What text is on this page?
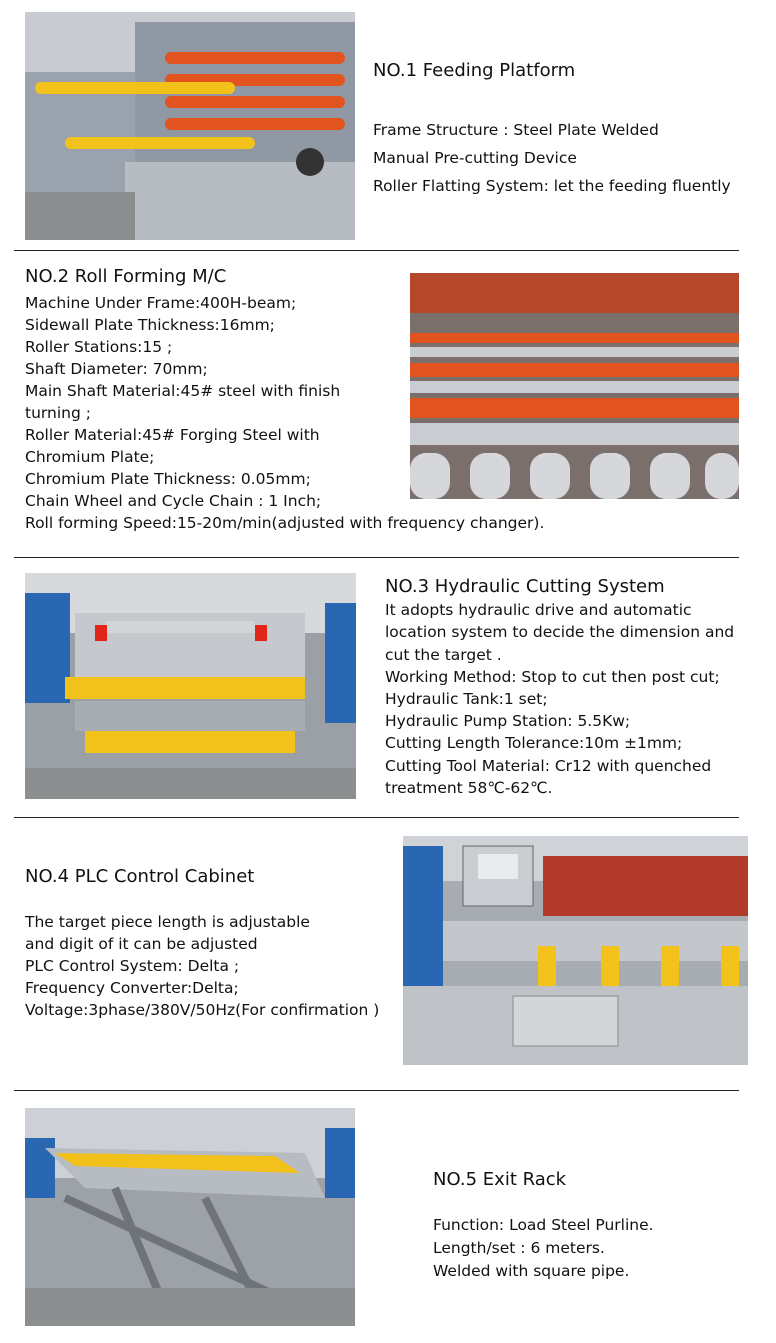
NO.1 Feeding Platform
Frame Structure : Steel Plate Welded
Manual Pre-cutting Device
Roller Flatting System: let the feeding fluently
NO.2 Roll Forming M/C
Machine Under Frame:400H-beam;
Sidewall Plate Thickness:16mm;
Roller Stations:15 ;
Shaft Diameter: 70mm;
Main Shaft Material:45# steel with finish
turning ;
Roller Material:45# Forging Steel with
Chromium Plate;
Chromium Plate Thickness: 0.05mm;
Chain Wheel and Cycle Chain : 1 Inch;
Roll forming Speed:15-20m/min(adjusted with frequency changer).
NO.3 Hydraulic Cutting System
It adopts hydraulic drive and automatic
location system to decide the dimension and
cut the target .
Working Method: Stop to cut then post cut;
Hydraulic Tank:1 set;
Hydraulic Pump Station: 5.5Kw;
Cutting Length Tolerance:10m ±1mm;
Cutting Tool Material: Cr12 with quenched
treatment 58℃-62℃.
NO.4 PLC Control Cabinet
The target piece length is adjustable
and digit of it can be adjusted
PLC Control System: Delta ;
Frequency Converter:Delta;
Voltage:3phase/380V/50Hz(For confirmation )
NO.5 Exit Rack
Function: Load Steel Purline.
Length/set : 6 meters.
Welded with square pipe.
